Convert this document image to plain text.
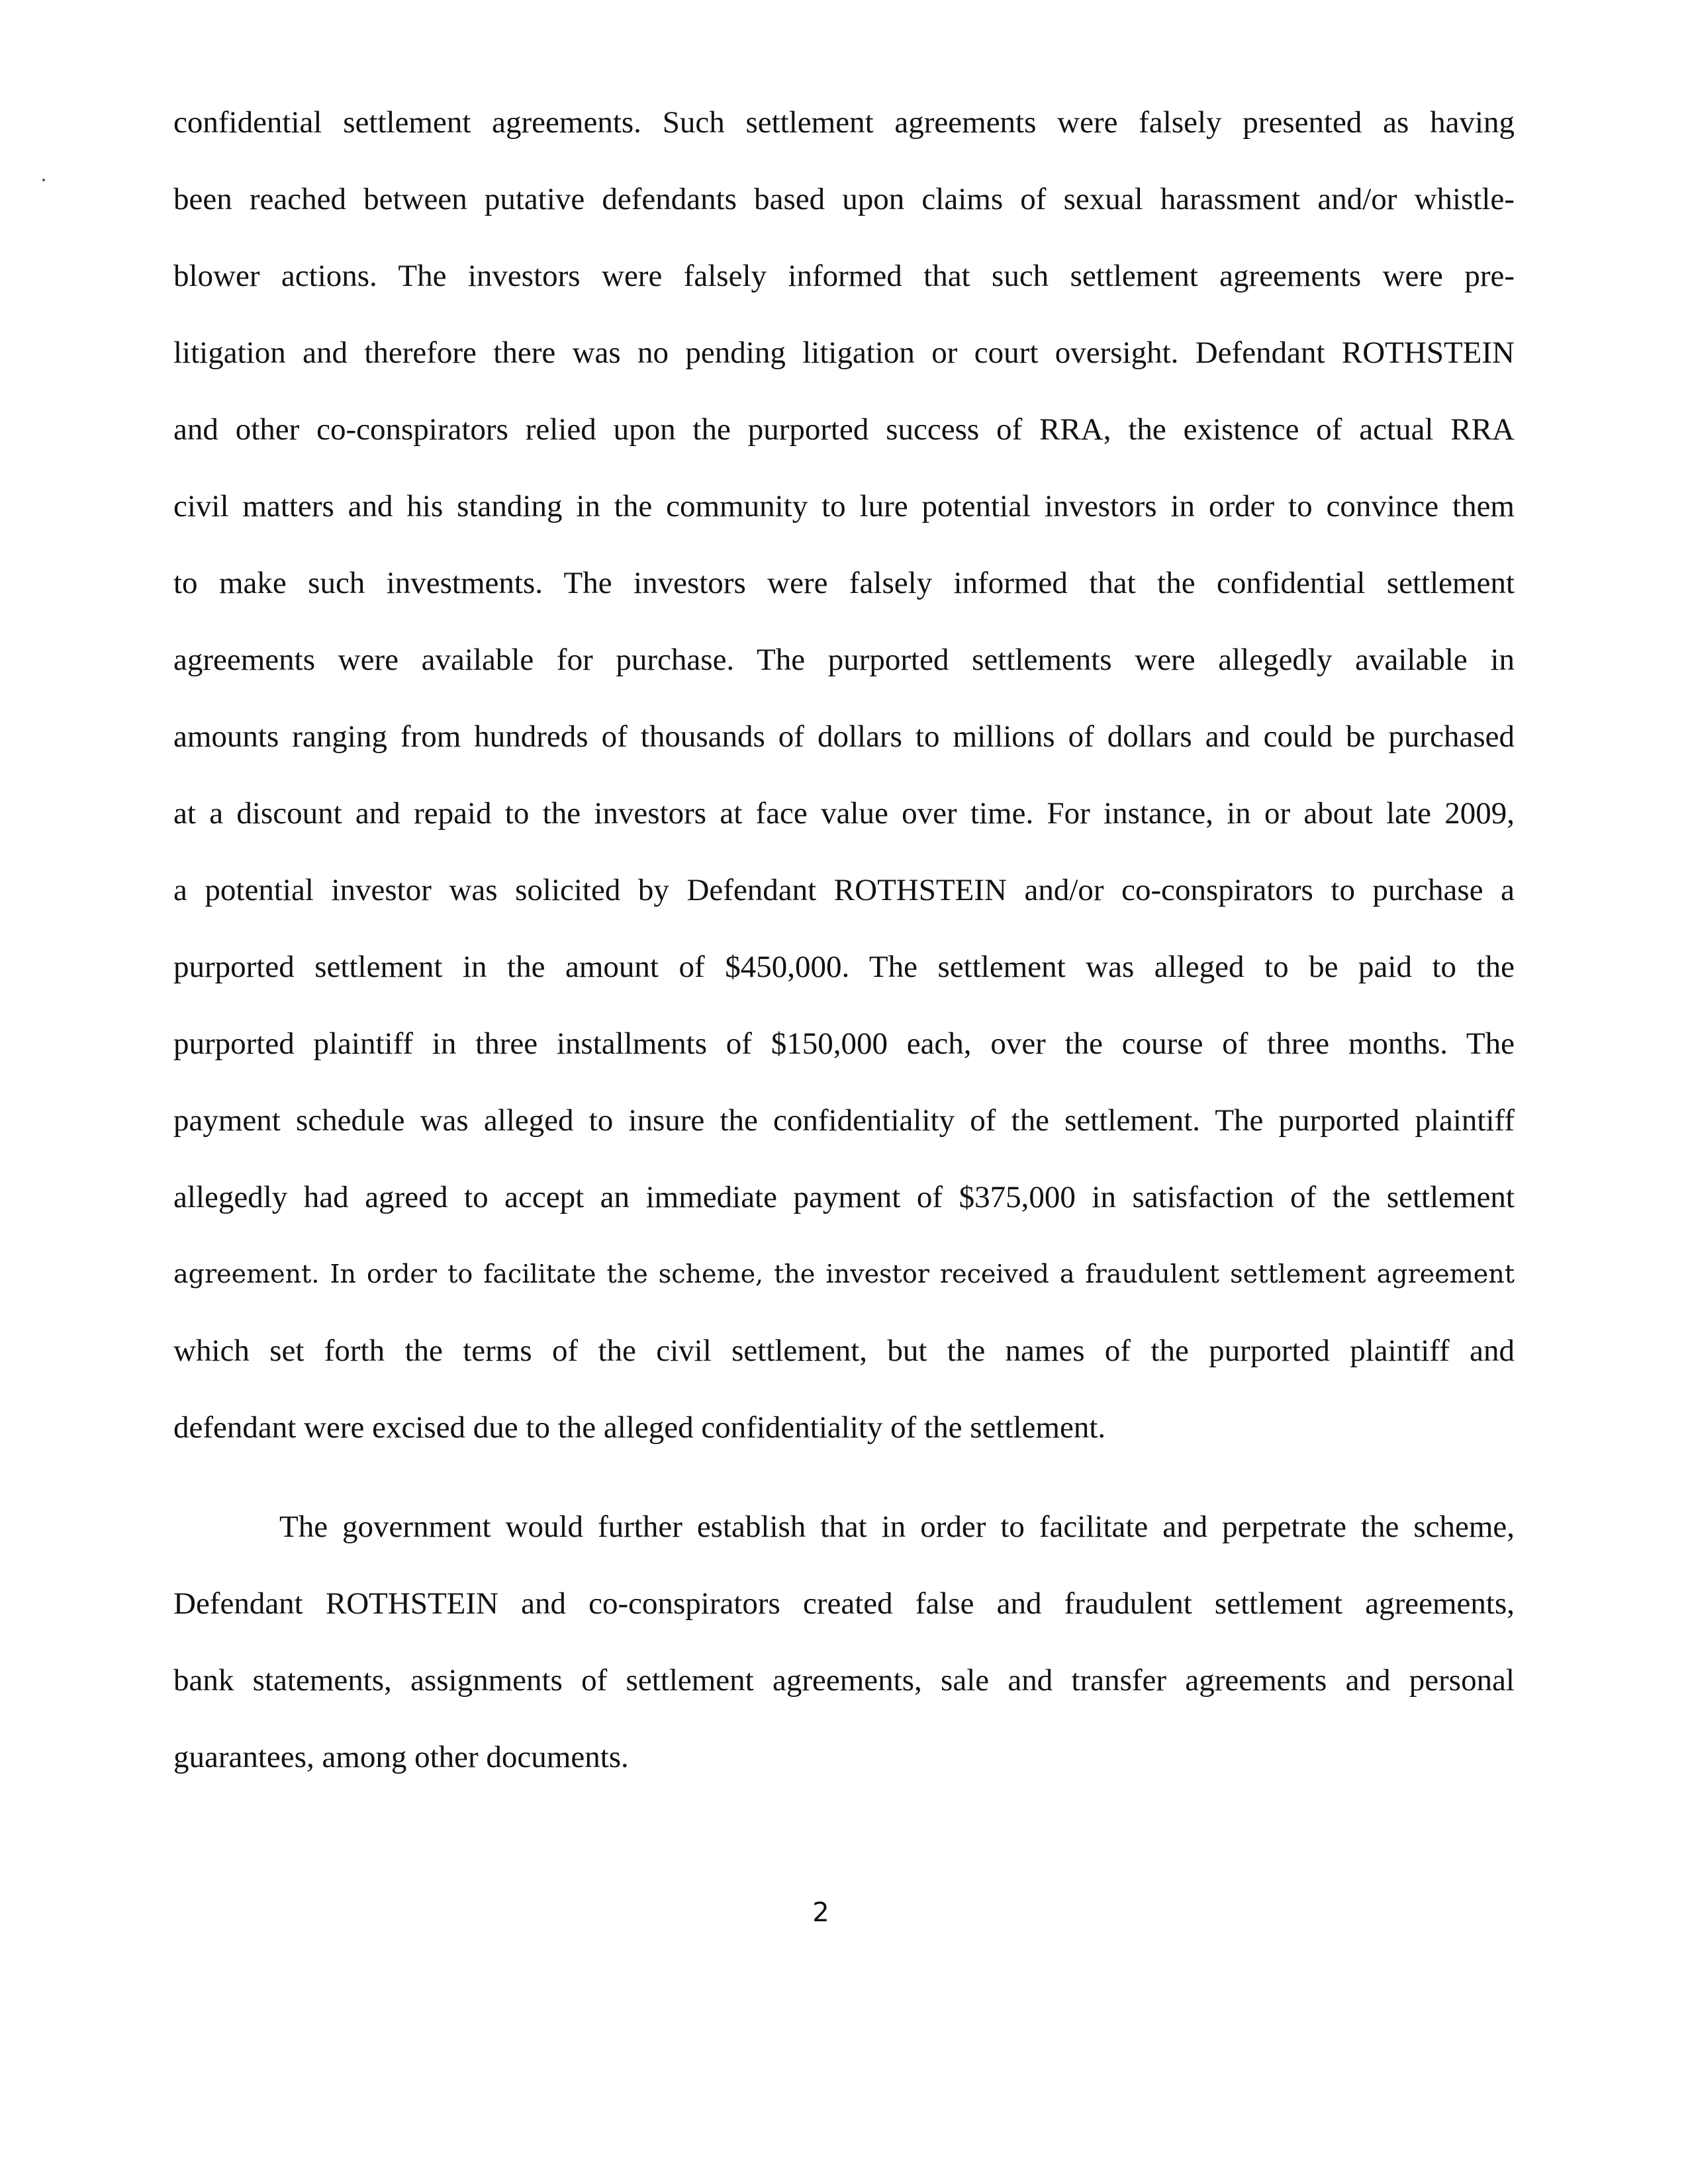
confidential settlement agreements. Such settlement agreements were falsely presented as having
been reached between putative defendants based upon claims of sexual harassment and/or whistle-
blower actions. The investors were falsely informed that such settlement agreements were pre-
litigation and therefore there was no pending litigation or court oversight. Defendant ROTHSTEIN
and other co-conspirators relied upon the purported success of RRA, the existence of actual RRA
civil matters and his standing in the community to lure potential investors in order to convince them
to make such investments. The investors were falsely informed that the confidential settlement
agreements were available for purchase. The purported settlements were allegedly available in
amounts ranging from hundreds of thousands of dollars to millions of dollars and could be purchased
at a discount and repaid to the investors at face value over time. For instance, in or about late 2009,
a potential investor was solicited by Defendant ROTHSTEIN and/or co-conspirators to purchase a
purported settlement in the amount of $450,000. The settlement was alleged to be paid to the
purported plaintiff in three installments of $150,000 each, over the course of three months. The
payment schedule was alleged to insure the confidentiality of the settlement. The purported plaintiff
allegedly had agreed to accept an immediate payment of $375,000 in satisfaction of the settlement
agreement. In order to facilitate the scheme, the investor received a fraudulent settlement agreement
which set forth the terms of the civil settlement, but the names of the purported plaintiff and
defendant were excised due to the alleged confidentiality of the settlement.
The government would further establish that in order to facilitate and perpetrate the scheme,
Defendant ROTHSTEIN and co-conspirators created false and fraudulent settlement agreements,
bank statements, assignments of settlement agreements, sale and transfer agreements and personal
guarantees, among other documents.
2
